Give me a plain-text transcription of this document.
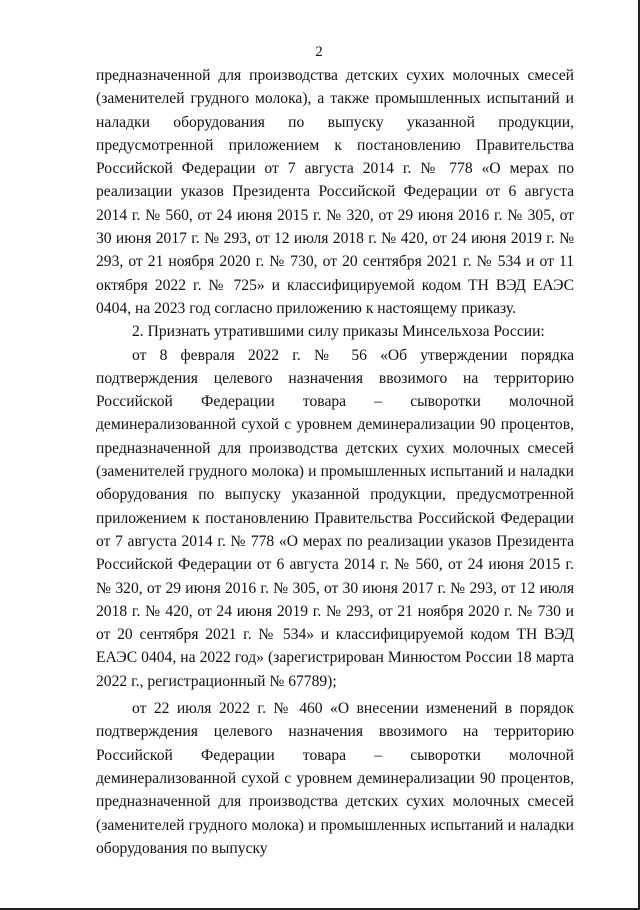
2

предназначенной для производства детских сухих молочных смесей (заменителей грудного молока), а также промышленных испытаний и наладки оборудования по выпуску указанной продукции, предусмотренной приложением к постановлению Правительства Российской Федерации от 7 августа 2014 г. № 778 «О мерах по реализации указов Президента Российской Федерации от 6 августа 2014 г. № 560, от 24 июня 2015 г. № 320, от 29 июня 2016 г. № 305, от 30 июня 2017 г. № 293, от 12 июля 2018 г. № 420, от 24 июня 2019 г. № 293, от 21 ноября 2020 г. № 730, от 20 сентября 2021 г. № 534 и от 11 октября 2022 г. № 725» и классифицируемой кодом ТН ВЭД ЕАЭС 0404, на 2023 год согласно приложению к настоящему приказу.

2. Признать утратившими силу приказы Минсельхоза России:

от 8 февраля 2022 г. № 56 «Об утверждении порядка подтверждения целевого назначения ввозимого на территорию Российской Федерации товара – сыворотки молочной деминерализованной сухой с уровнем деминерализации 90 процентов, предназначенной для производства детских сухих молочных смесей (заменителей грудного молока) и промышленных испытаний и наладки оборудования по выпуску указанной продукции, предусмотренной приложением к постановлению Правительства Российской Федерации от 7 августа 2014 г. № 778 «О мерах по реализации указов Президента Российской Федерации от 6 августа 2014 г. № 560, от 24 июня 2015 г. № 320, от 29 июня 2016 г. № 305, от 30 июня 2017 г. № 293, от 12 июля 2018 г. № 420, от 24 июня 2019 г. № 293, от 21 ноября 2020 г. № 730 и от 20 сентября 2021 г. № 534» и классифицируемой кодом ТН ВЭД ЕАЭС 0404, на 2022 год» (зарегистрирован Минюстом России 18 марта 2022 г., регистрационный № 67789);

от 22 июля 2022 г. № 460 «О внесении изменений в порядок подтверждения целевого назначения ввозимого на территорию Российской Федерации товара – сыворотки молочной деминерализованной сухой с уровнем деминерализации 90 процентов, предназначенной для производства детских сухих молочных смесей (заменителей грудного молока) и промышленных испытаний и наладки оборудования по выпуску
